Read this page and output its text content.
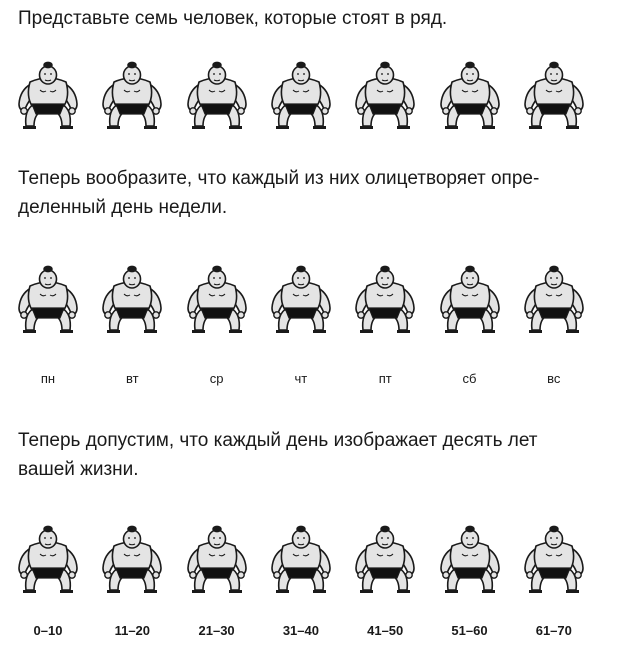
Представьте семь человек, которые стоят в ряд.

Теперь вообразите, что каждый из них олицетворяет опре-
деленный день недели.

пн	вт	ср	чт	пт	сб	вс

Теперь допустим, что каждый день изображает десять лет
вашей жизни.

0–10	11–20	21–30	31–40	41–50	51–60	61–70
